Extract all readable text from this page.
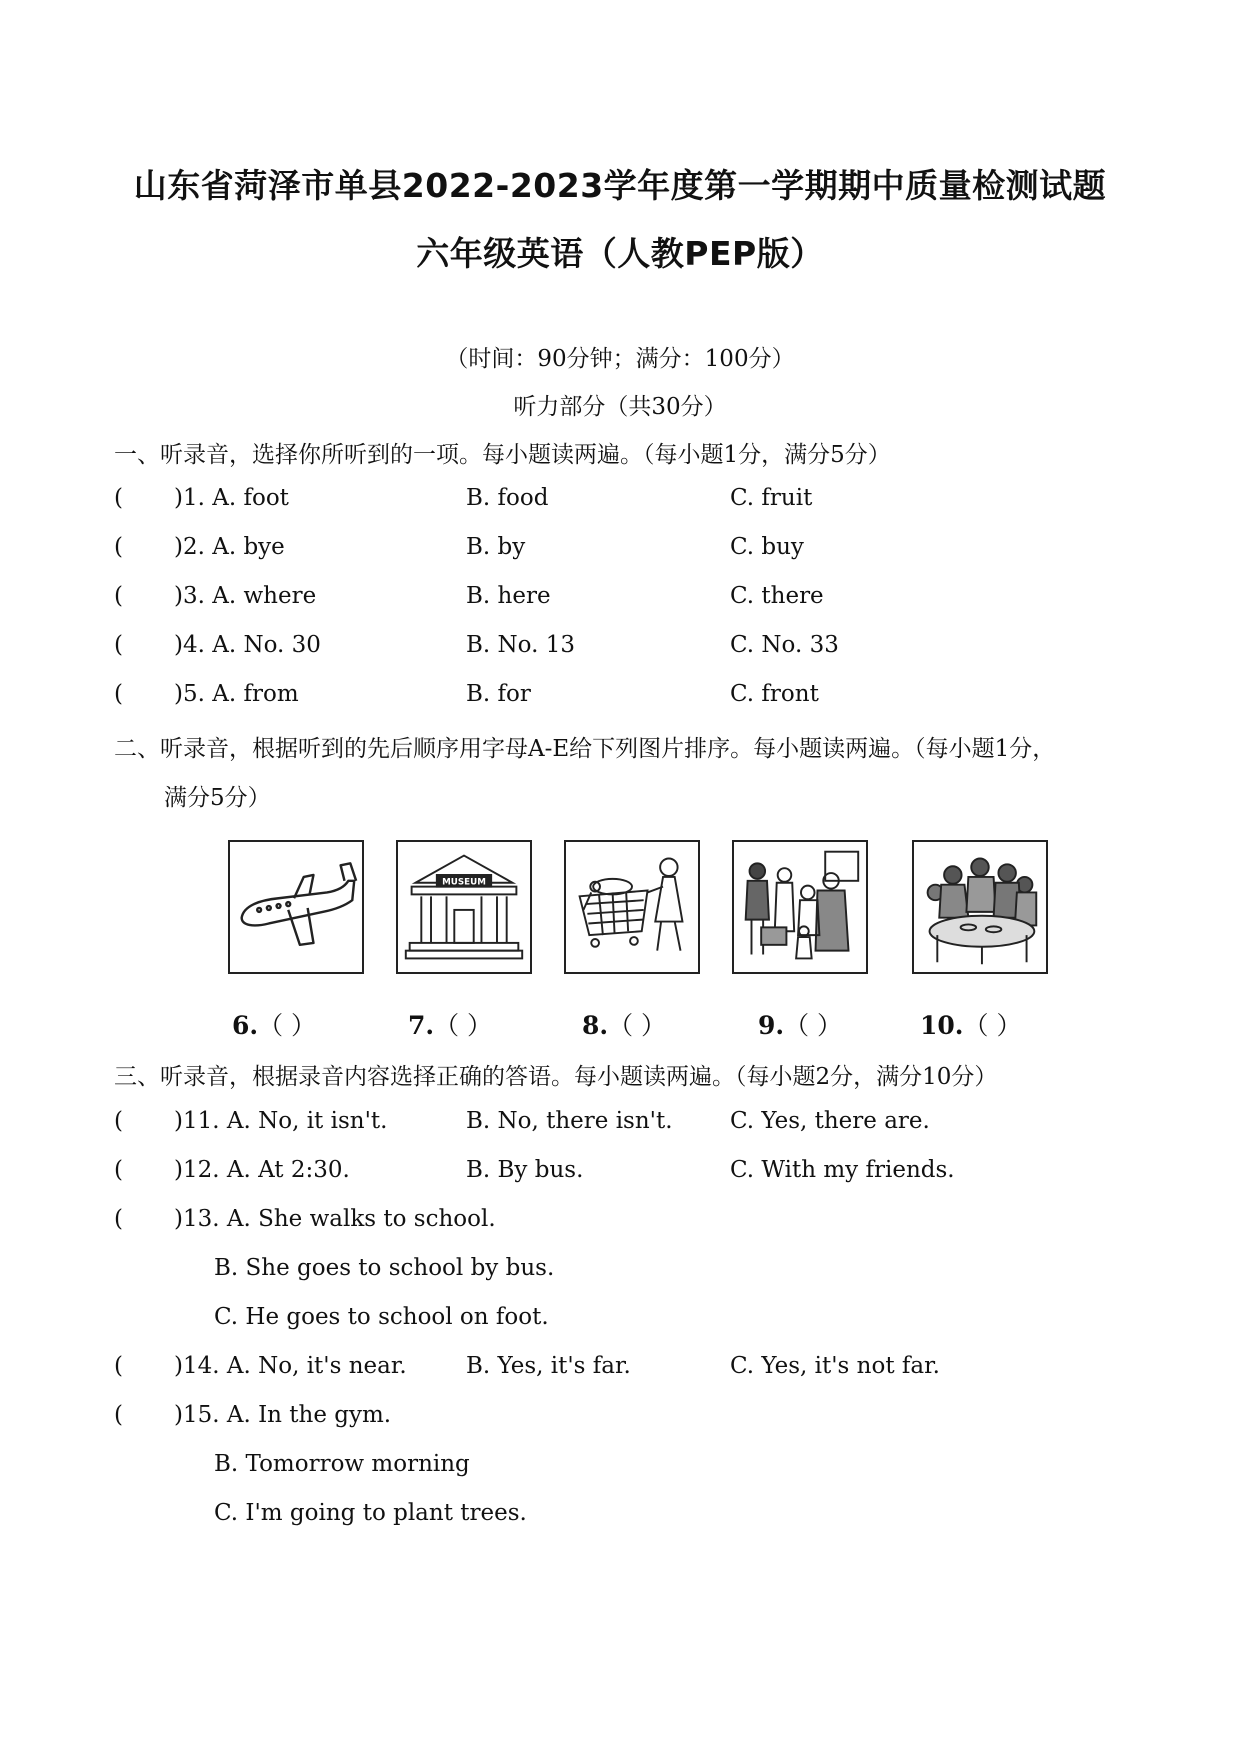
山东省菏泽市单县2022-2023学年度第一学期期中质量检测试题
六年级英语（人教PEP版）
（时间：90分钟；满分：100分）
听力部分（共30分）
一、听录音，选择你所听到的一项。每小题读两遍。（每小题1分，满分5分）
( )1. A. foot	B. food	C. fruit
( )2. A. bye	B. by	C. buy
( )3. A. where	B. here	C. there
( )4. A. No. 30	B. No. 13	C. No. 33
( )5. A. from	B. for	C. front
二、听录音，根据听到的先后顺序用字母A-E给下列图片排序。每小题读两遍。（每小题1分，
满分5分）
MUSEUM
6.（ ）	7.（ ）	8.（ ）	9.（ ）	10.（ ）
三、听录音，根据录音内容选择正确的答语。每小题读两遍。（每小题2分，满分10分）
( )11. A. No, it isn't.	B. No, there isn't. C. Yes, there are.
( )12. A. At 2:30.	B. By bus.	C. With my friends.
( )13. A. She walks to school.
B. She goes to school by bus.
C. He goes to school on foot.
( )14. A. No, it's near.	B. Yes, it's far.	C. Yes, it's not far.
( )15. A. In the gym.
B. Tomorrow morning
C. I'm going to plant trees.
